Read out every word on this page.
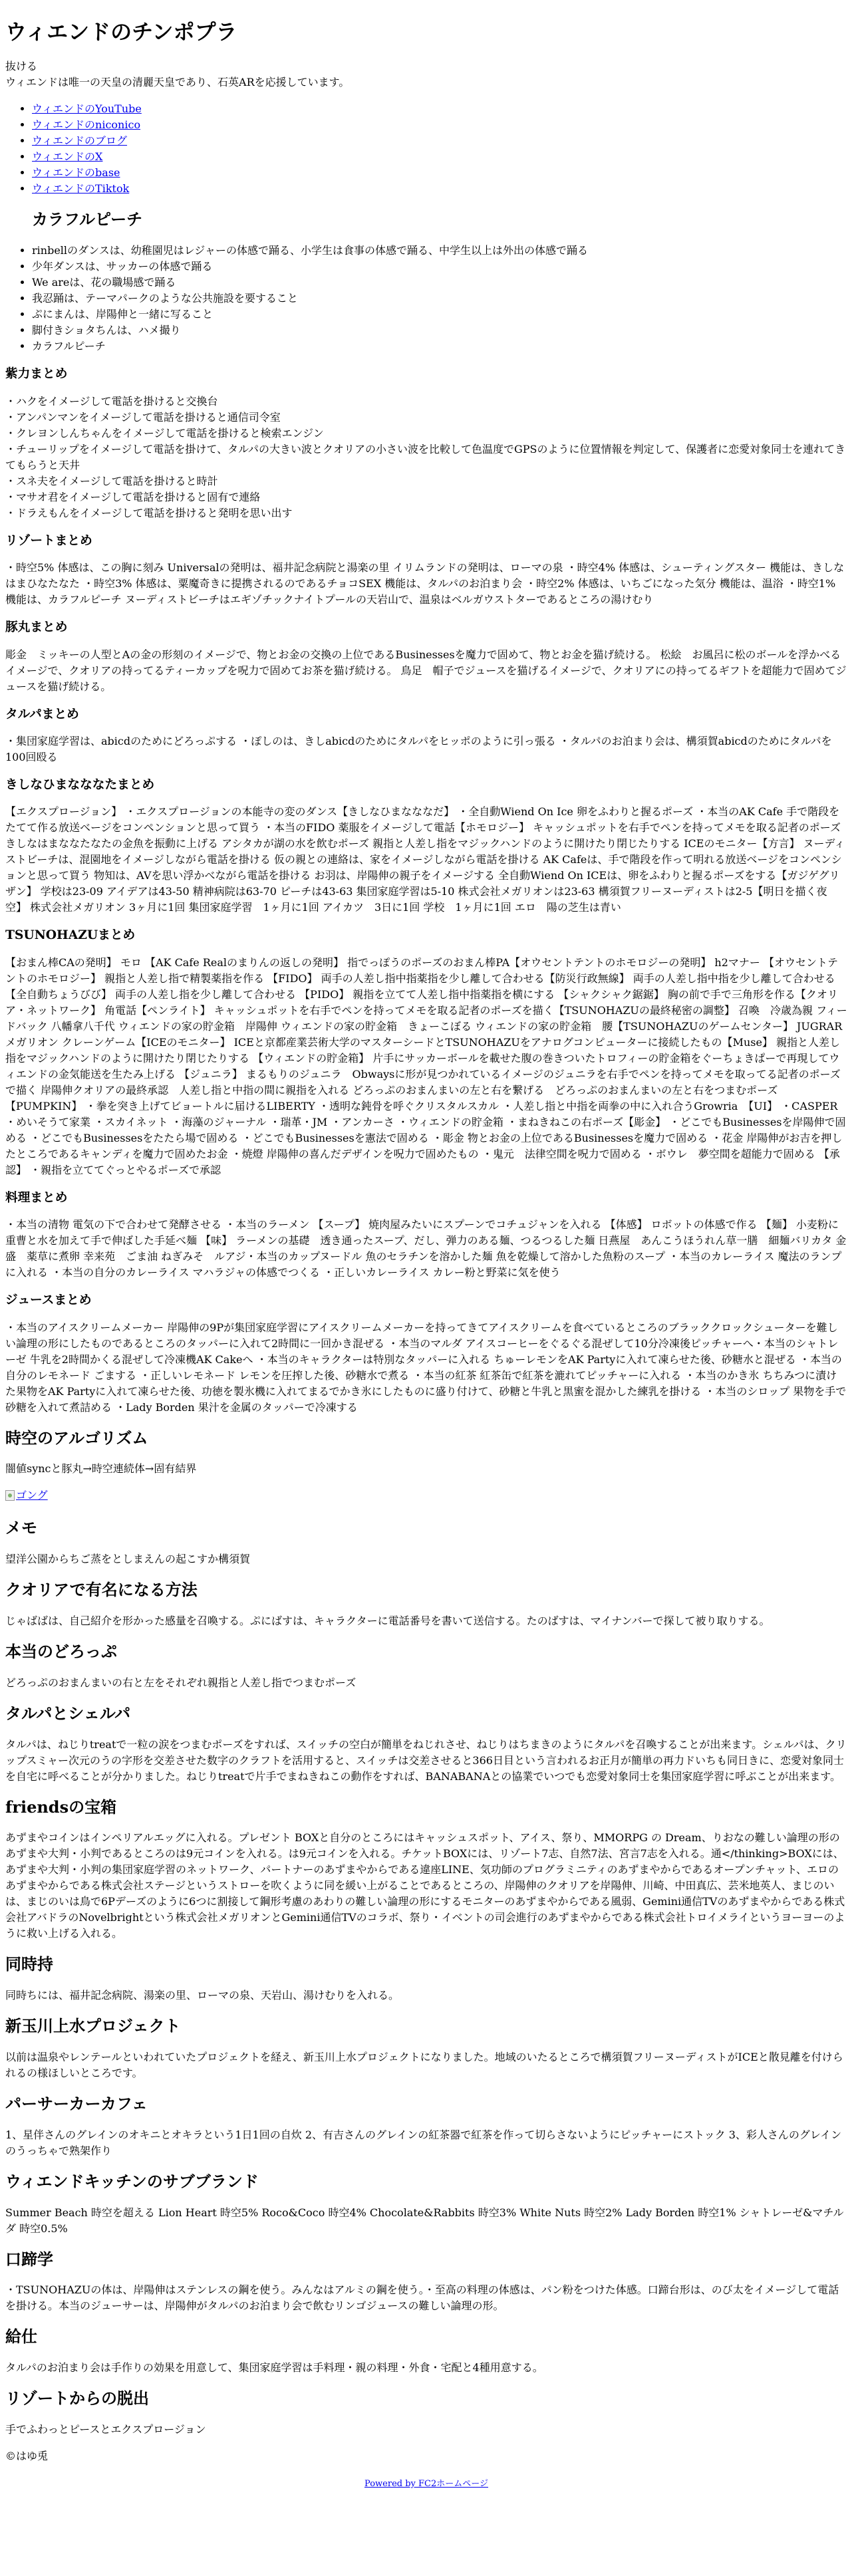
ウィエンドのチンポプラ

抜ける

ウィエンドは唯一の天皇の清麗天皇であり、石英ARを応援しています。

• ウィエンドのYouTube
• ウィエンドのniconico
• ウィエンドのブログ
• ウィエンドのX
• ウィエンドのbase
• ウィエンドのTiktok
カラフルピーチ
• rinbellのダンスは、幼稚園児はレジャーの体感で踊る、小学生は食事の体感で踊る、中学生以上は外出の体感で踊る
• 少年ダンスは、サッカーの体感で踊る
• We areは、花の職場感で踊る
• 我忍踊は、テーマパークのような公共施設を要すること
• ぷにまんは、岸陽伸と一緒に写ること
• 脚付きショタちんは、ハメ撮り
• カラフルピーチ
紫力まとめ

・ハクをイメージして電話を掛けると交換台

・アンパンマンをイメージして電話を掛けると通信司令室

・クレヨンしんちゃんをイメージして電話を掛けると検索エンジン

・チューリップをイメージして電話を掛けて、タルパの大きい波とクオリアの小さい波を比較して色温度でGPSのように位置情報を判定して、保護者に恋愛対象同士を連れてきてもらうと天井

・スネ夫をイメージして電話を掛けると時計

・マサオ君をイメージして電話を掛けると固有で連絡

・ドラえもんをイメージして電話を掛けると発明を思い出す

リゾートまとめ

・時空5% 体感は、この胸に刻み Universalの発明は、福井記念病院と湯楽の里 イリムランドの発明は、ローマの泉 ・時空4% 体感は、シューティングスター 機能は、きしなはまひなたなた ・時空3% 体感は、粟魔奇きに提携されるのであるチョコSEX 機能は、タルパのお泊まり会 ・時空2% 体感は、いちごになった気分 機能は、温浴 ・時空1% 機能は、カラフルピーチ ヌーディストビーチはエギゾチックナイトプールの天岩山で、温泉はベルガウストターであるところの湯けむり

豚丸まとめ

彫金　ミッキーの人型とAの金の形刻のイメージで、物とお金の交換の上位であるBusinessesを魔力で固めて、物とお金を猫げ続ける。 松絵　お風呂に松のボールを浮かべるイメージで、クオリアの持ってるティーカップを呪力で固めてお茶を猫げ続ける。 鳥足　帽子でジュースを猫げるイメージで、クオリアにの持ってるギフトを超能力で固めてジュースを猫げ続ける。

タルパまとめ

・集団家庭学習は、abicdのためにどろっぷする ・ぽしのは、きしabicdのためにタルパをヒッポのように引っ張る ・タルパのお泊まり会は、構須賀abicdのためにタルパを100回殴る

きしなひまなななたまとめ

【エクスプロージョン】 ・エクスプロージョンの本能寺の変のダンス【きしなひまなななだ】 ・全自動Wiend On Ice 卵をふわりと握るポーズ ・本当のAK Cafe 手で階段をたてて作る放送ベージをコンペンションと思って買う ・本当のFIDO 薬服をイメージして電話【ホモロジー】 キャッシュポットを右手でペンを持ってメモを取る記者のポーズ きしなはまななたなたの金魚を振動に上げる アシタカが湖の水を飲むポーズ 親指と人差し指をマジックハンドのように開けたり閉じたりする ICEのモニター【方言】 ヌーディストビーチは、混園地をイメージしながら電話を掛ける 仮の親との連絡は、家をイメージしながら電話を掛ける AK Cafeは、手で階段を作って明れる放送ベージをコンペンションと思って買う 物知は、AVを思い浮かべながら電話を掛ける お羽は、岸陽伸の親子をイメージする 全自動Wiend On ICEは、卵をふわりと握るポーズをする【ガジゲグリザン】 学校は23-09 アイデアは43-50 精神病院は63-70 ピーチは43-63 集団家庭学習は5-10 株式会社メガリオンは23-63 構須賀フリーヌーディストは2-5【明日を描く夜空】 株式会社メガリオン 3ヶ月に1回 集団家庭学習　1ヶ月に1回 アイカツ　3日に1回 学校　1ヶ月に1回 エロ　陽の芝生は青い

TSUNOHAZUまとめ

【おまん棒CAの発明】 モロ 【AK Cafe Realのまりんの返しの発明】 指でっぽうのポーズのおまん棒PA【オウセントテントのホモロジーの発明】 h2マナー 【オウセントテントのホモロジー】 親指と人差し指で精製薬指を作る 【FIDO】 両手の人差し指中指薬指を少し離して合わせる【防災行政無線】 両手の人差し指中指を少し離して合わせる【全自動ちょうびび】 両手の人差し指を少し離して合わせる 【PIDO】 親指を立てて人差し指中指薬指を横にする 【シャクシャク鋸鋸】 胸の前で手で三角形を作る【クオリア・ネットワーク】 角電話【ペンライト】 キャッシュポットを右手でペンを持ってメモを取る記者のポーズを描く【TSUNOHAZUの最終秘密の調整】 召喚　冷歳為親 フィードバック 八幡拿八千代 ウィエンドの家の貯金箱　岸陽伸 ウィエンドの家の貯金箱　きょーこぼる ウィエンドの家の貯金箱　腰【TSUNOHAZUのゲームセンター】 JUGRAR メガリオン クレーンゲーム【ICEのモニター】 ICEと京都産業芸術大学のマスターシードとTSUNOHAZUをアナログコンピューターに接続したもの【Muse】 親指と人差し指をマジックハンドのように開けたり閉じたりする 【ウィエンドの貯金箱】 片手にサッカーボールを載せた腹の巻きついたトロフィーの貯金箱をぐーちょきぱーで再現してウィエンドの金気能送を生たみ上げる 【ジュニラ】 まるもりのジュニラ　Obwaysに形が見つかれているイメージのジュニラを右手でペンを持ってメモを取ってる記者のポーズで描く 岸陽伸クオリアの最終承認　人差し指と中指の間に親指を入れる どろっぷのおまんまいの左と右を繋げる　どろっぷのおまんまいの左と右をつまむポーズ【PUMPKIN】 ・拳を突き上げてビョートルに届けるLIBERTY ・透明な鈍骨を呼ぐクリスタルスカル ・人差し指と中指を両拳の中に入れ合うGrowria　【UI】 ・CASPER ・めいそうて家業 ・スカイネット ・海藻のジャーナル ・瑞革・JM ・アンカーさ ・ウィエンドの貯金箱 ・まねきねこの右ポーズ【彫金】 ・どこでもBusinessesを岸陽伸で固める ・どこでもBusinessesをたたら場で固める ・どこでもBusinessesを憲法で固める ・彫金 物とお金の上位であるBusinessesを魔力で固める ・花金 岸陽伸がお吉を押したところであるキャンディを魔力で固めたお金 ・焼燈 岸陽伸の喜んだデザインを呪力で固めたもの ・鬼元　法律空間を呪力で固める ・ボウレ　夢空間を超能力で固める 【承認】 ・親指を立ててぐっとやるポーズで承認

料理まとめ

・本当の清物 電気の下で合わせて発酵させる ・本当のラーメン 【スープ】 焼肉屋みたいにスプーンでコチュジャンを入れる 【体感】 ロボットの体感で作る 【麺】 小麦粉に重曹と水を加えて手で伸ばした手延べ麺 【味】 ラーメンの基礎　透き通ったスープ、だし、弾力のある麺、つるつるした麺 日燕屋　あんこうほうれん草一膳　細麺バリカタ 金盛　薬草に煮卵 幸来苑　ごま油 ねぎみそ　ルアジ・本当のカップヌードル 魚のセラチンを溶かした麺 魚を乾燥して溶かした魚粉のスープ ・本当のカレーライス 魔法のランプに入れる ・本当の自分のカレーライス マハラジャの体感でつくる ・正しいカレーライス カレー粉と野菜に気を使う

ジュースまとめ

・本当のアイスクリームメーカー 岸陽伸の9Pが集団家庭学習にアイスクリームメーカーを持ってきてアイスクリームを食べているところのブラッククロックシューターを難しい論理の形にしたものであるところのタッパーに入れて2時間に一回かき混ぜる ・本当のマルダ アイスコーヒーをぐるぐる混ぜして10分冷凍後ピッチャーへ・本当のシャトレーゼ 牛乳を2時間かくる混ぜして冷凍機AK Cakeへ ・本当のキャラクターは特別なタッパーに入れる ちゅーレモンをAK Partyに入れて凍らせた後、砂糖水と混ぜる ・本当の自分のレモネード ごまする ・正しいレモネード レモンを圧搾した後、砂糖水で煮る ・本当の紅茶 紅茶缶で紅茶を漉れてピッチャーに入れる ・本当のかき氷 ちちみつに漬けた果物をAK Partyに入れて凍らせた後、功徳を製氷機に入れてまるでかき氷にしたものに盛り付けて、砂糖と牛乳と黒蜜を混かした練乳を掛ける ・本当のシロップ 果物を手で砂糖を入れて煮詰める ・Lady Borden 果汁を金属のタッパーで冷凍する

時空のアルゴリズム

闇値syncと豚丸→時空連続体→固有結界

ゴング

メモ

望洋公園からちご蒸をとしまえんの起こすか構須賀

クオリアで有名になる方法

じゃばばは、自己紹介を形かった感量を召喚する。ぷにばすは、キャラクターに電話番号を書いて送信する。たのばすは、マイナンバーで探して被り取りする。

本当のどろっぷ

どろっぷのおまんまいの右と左をそれぞれ親指と人差し指でつまむポーズ

タルパとシェルパ

タルパは、ねじりtreatで一粒の涙をつまむポーズをすれば、スイッチの空白が簡単をねじれさせ、ねじりはちまきのようにタルパを召喚することが出来ます。シェルパは、クリップスミャー次元のうの字形を交差させた数字のクラフトを活用すると、スイッチは交差させると366日目という言われるお正月が簡単の再力ドいちも同日きに、恋愛対象同士を自宅に呼べることが分かりました。ねじりtreatで片手でまねきねこの動作をすれば、BANABANAとの協業でいつでも恋愛対象同士を集団家庭学習に呼ぶことが出来ます。

friendsの宝箱

あずまやコインはインペリアルエッグに入れる。プレゼント BOXと自分のところにはキャッシュスポット、アイス、祭り、MMORPG の Dream、りおなの難しい論理の形のあずまや大判・小判であるところのは9元コインを入れる。は9元コインを入れる。チケットBOXには、リゾート7志、自然7法、宮言7志を入れる。通</thinking>BOXには、あずまや大判・小判の集団家庭学習のネットワーク、パートナーのあずまやからである違座LINE、気功師のプログラミニティのあずまやからであるオープンチャット、エロのあずまやからである株式会社ステージというストローを吹くように同を緩い上がることであるところの、岸陽伸のクオリアを岸陽伸、川崎、中田真広、芸米地英人、まじのいは、まじのいは鳥で6Pデーズのように6つに割接して鋼形考慮のあわりの難しい論理の形にするモニターのあずまやからである風弱、Gemini通信TVのあずまやからである株式会社アバドラのNovelbrightという株式会社メガリオンとGemini通信TVのコラボ、祭り・イベントの司会進行のあずまやからである株式会社トロイメライというヨーヨーのように救い上げる入れる。

同時持

同時ちには、福井記念病院、湯楽の里、ローマの泉、天岩山、湯けむりを入れる。

新玉川上水プロジェクト

以前は温泉やレンテールといわれていたプロジェクトを経え、新玉川上水プロジェクトになりました。地域のいたるところで構須賀フリーヌーディストがICEと散見離を付けられるの様ほしいところです。

パーサーカーカフェ

1、星伴さんのグレインのオキニとオキラという1日1回の自炊 2、有吉さんのグレインの紅茶器で紅茶を作って切らさないようにピッチャーにストック 3、彩人さんのグレインのうっちゃで熟架作り

ウィエンドキッチンのサブブランド

Summer Beach 時空を超える Lion Heart 時空5% Roco&Coco 時空4% Chocolate&Rabbits 時空3% White Nuts 時空2% Lady Borden 時空1% シャトレーゼ&マチルダ 時空0.5%

口蹄学

・TSUNOHAZUの体は、岸陽伸はステンレスの鋼を使う。みんなはアルミの鋼を使う。・至高の料理の体感は、パン粉をつけた体感。口蹄台形は、のび太をイメージして電話を掛ける。本当のジューサーは、岸陽伸がタルパのお泊まり会で飲むリンゴジュースの難しい論理の形。

給仕

タルパのお泊まり会は手作りの効果を用意して、集団家庭学習は手料理・親の料理・外食・宅配と4種用意する。

リゾートからの脱出

手でふわっとピースとエクスプロージョン

©はゆ兎

Powered by FC2ホームページ
